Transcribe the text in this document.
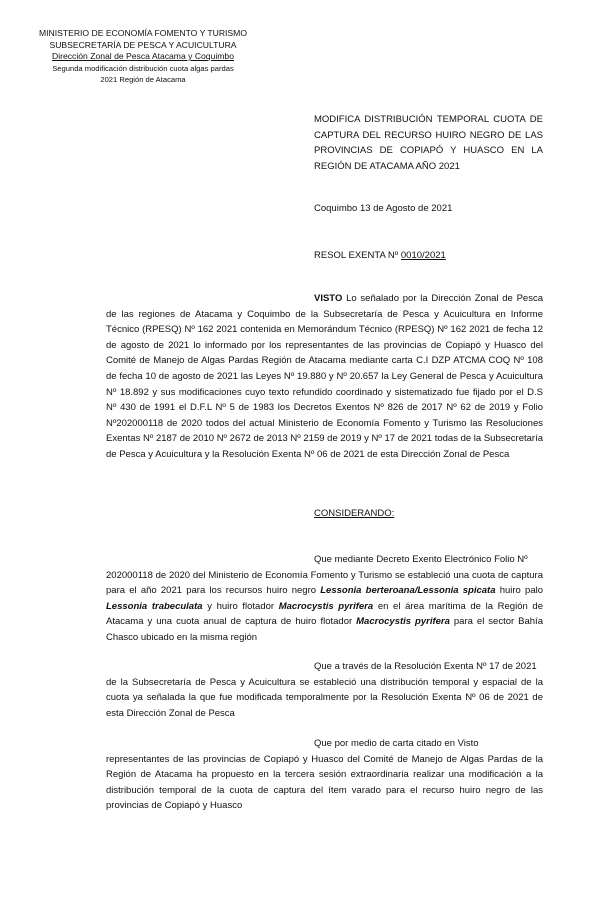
MINISTERIO DE ECONOMÍA FOMENTO Y TURISMO
SUBSECRETARÍA DE PESCA Y ACUICULTURA
Dirección Zonal de Pesca Atacama y Coquimbo
Segunda modificación distribución cuota algas pardas
2021 Región de Atacama
MODIFICA DISTRIBUCIÓN TEMPORAL CUOTA DE CAPTURA DEL RECURSO HUIRO NEGRO DE LAS PROVINCIAS DE COPIAPÓ Y HUASCO EN LA REGIÓN DE ATACAMA AÑO 2021
Coquimbo 13 de Agosto de 2021
RESOL EXENTA Nº 0010/2021
VISTO Lo señalado por la Dirección Zonal de Pesca de las regiones de Atacama y Coquimbo de la Subsecretaría de Pesca y Acuicultura en Informe Técnico (RPESQ) Nº 162 2021 contenida en Memorándum Técnico (RPESQ) Nº 162 2021 de fecha 12 de agosto de 2021 lo informado por los representantes de las provincias de Copiapó y Huasco del Comité de Manejo de Algas Pardas Región de Atacama mediante carta C.I DZP ATCMA COQ Nº 108 de fecha 10 de agosto de 2021 las Leyes Nº 19.880 y Nº 20.657 la Ley General de Pesca y Acuicultura Nº 18.892 y sus modificaciones cuyo texto refundido coordinado y sistematizado fue fijado por el D.S Nº 430 de 1991 el D.F.L Nº 5 de 1983 los Decretos Exentos Nº 826 de 2017 Nº 62 de 2019 y Folio Nº202000118 de 2020 todos del actual Ministerio de Economía Fomento y Turismo las Resoluciones Exentas Nº 2187 de 2010 Nº 2672 de 2013 Nº 2159 de 2019 y Nº 17 de 2021 todas de la Subsecretaría de Pesca y Acuicultura y la Resolución Exenta Nº 06 de 2021 de esta Dirección Zonal de Pesca
CONSIDERANDO:
Que mediante Decreto Exento Electrónico Folio Nº
202000118 de 2020 del Ministerio de Economía Fomento y Turismo se estableció una cuota de captura para el año 2021 para los recursos huiro negro Lessonia berteroana/Lessonia spicata huiro palo Lessonia trabeculata y huiro flotador Macrocystis pyrifera en el área marítima de la Región de Atacama y una cuota anual de captura de huiro flotador Macrocystis pyrifera para el sector Bahía Chasco ubicado en la misma región
Que a través de la Resolución Exenta Nº 17 de 2021
de la Subsecretaría de Pesca y Acuicultura se estableció una distribución temporal y espacial de la cuota ya señalada la que fue modificada temporalmente por la Resolución Exenta Nº 06 de 2021 de esta Dirección Zonal de Pesca
Que por medio de carta citado en Visto
representantes de las provincias de Copiapó y Huasco del Comité de Manejo de Algas Pardas de la Región de Atacama ha propuesto en la tercera sesión extraordinaria realizar una modificación a la distribución temporal de la cuota de captura del ítem varado para el recurso huiro negro de las provincias de Copiapó y Huasco
